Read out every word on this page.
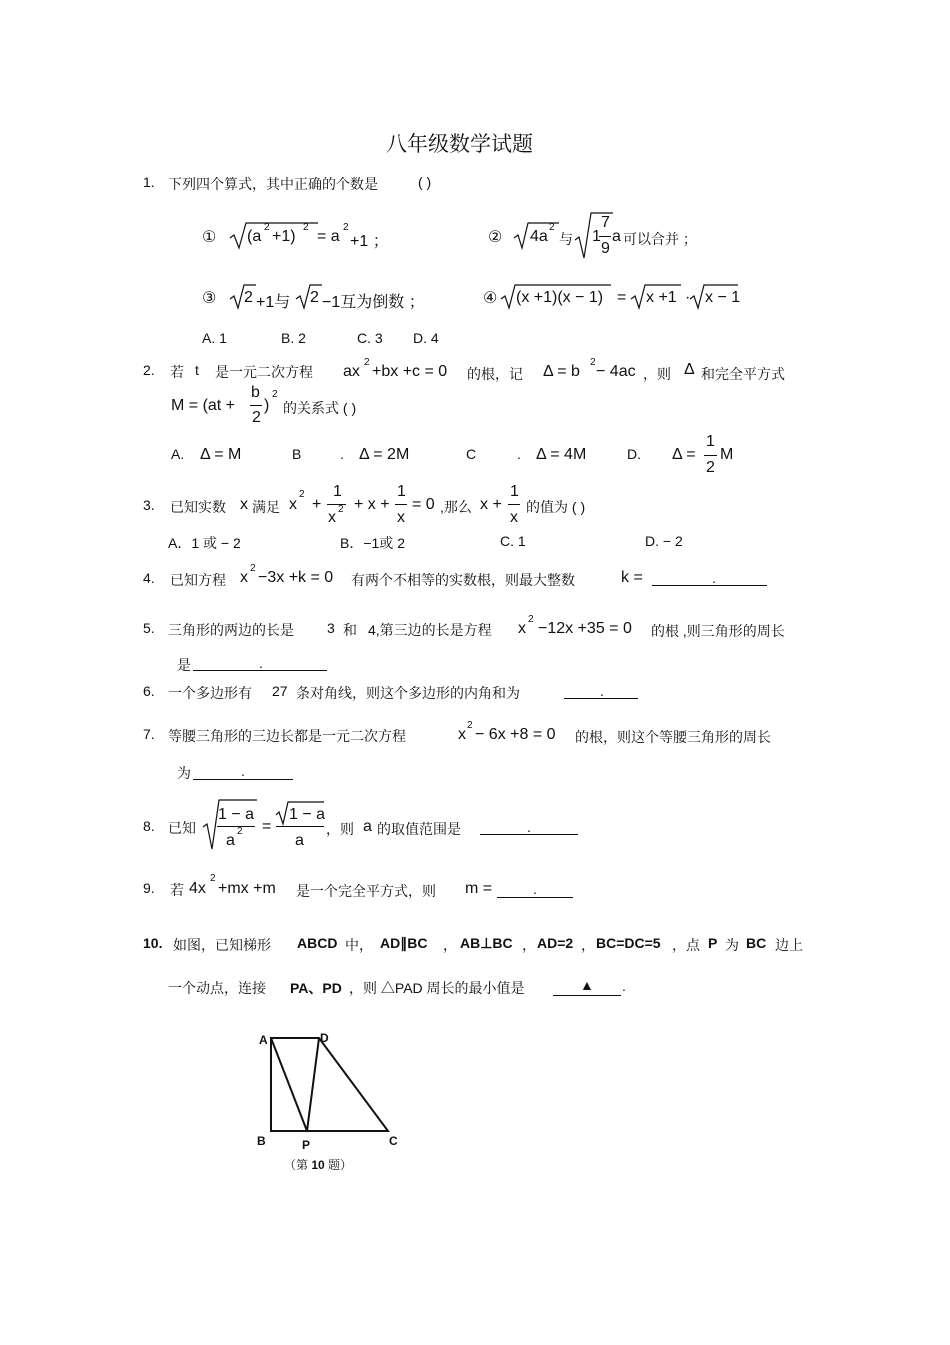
八年级数学试题
1. 下列四个算式，其中正确的个数是	( )
① (a
2
+1)
2
= a
2
+1 ；	② 4a
2
与 1
7
9
a 可以合并 ；
③ 2 +1与 2 −1互为倒数 ；	④ (x +1)(x − 1) = x +1 · x − 1
A. 1	B. 2	C. 3 D. 4
2. 若 t 是一元二次方程 ax
2
+bx +c = 0 的根，记 Δ = b
2
− 4ac ，则 Δ 和完全平方式
M = (at +
b
2
)
2
的关系式 ( )
A. Δ = M	B	. Δ = 2M	C	. Δ = 4M	D. Δ =
1
2
M
3. 已知实数 x 满足 x
2
+
1
x 2 + x +
1
x
= 0 ,那么 x +
1
x
的值为 ( )
A．1 或 − 2	B．−1或 2	C. 1	D. − 2
4. 已知方程 x
2
−3x +k = 0 有两个不相等的实数根，则最大整数	k =	.
5. 三角形的两边的长是 3 和 4,第三边的长是方程 x
2
−12x +35 = 0 的根 ,则三角形的周长
是	.
6. 一个多边形有 27 条对角线，则这个多边形的内角和为	.
7. 等腰三角形的三边长都是一元二次方程	x
2
− 6x +8 = 0 的根，则这个等腰三角形的周长
为	.
8. 已知
1 − a
a
2 =
1 − a
a
，则 a 的取值范围是	.
9. 若 4x
2
+mx +m 是一个完全平方式，则 m =	.
10. 如图，已知梯形 ABCD 中， AD∥BC ， AB⊥BC ， AD=2 ， BC=DC=5 ，点 P 为 BC 边上
一个动点，连接 PA、PD ，则 △PAD 周长的最小值是	▲ .
A	D
B	P	C
（第 10 题）
